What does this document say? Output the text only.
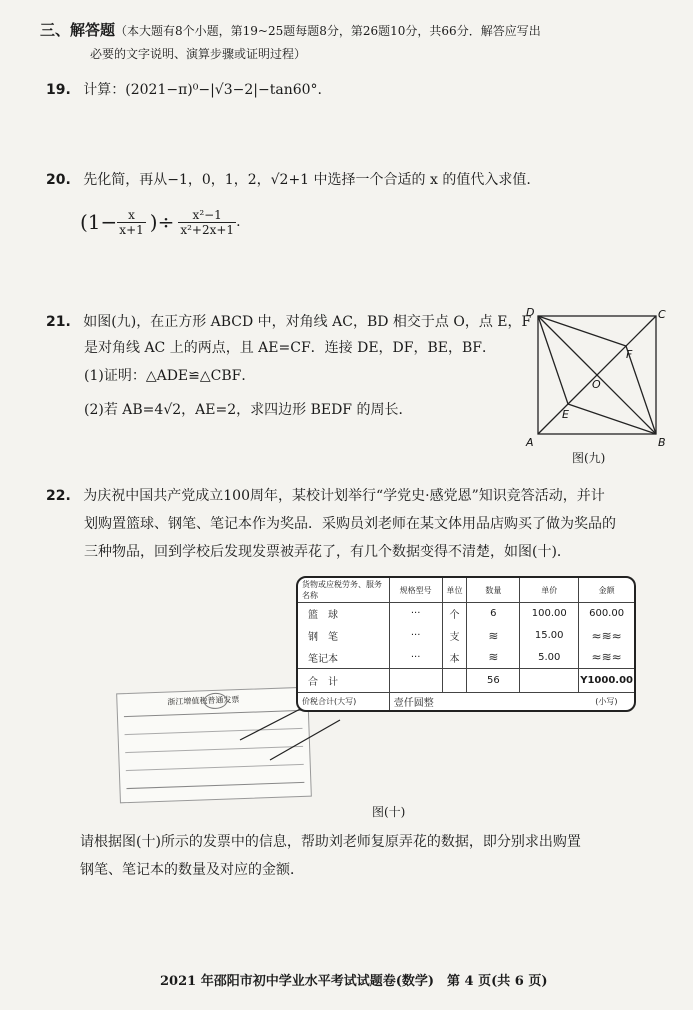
三、解答题（本大题有8个小题，第19~25题每题8分，第26题10分，共66分．解答应写出
必要的文字说明、演算步骤或证明过程）
19. 计算：(2021−π)⁰−|√3−2|−tan60°.
20. 先化简，再从−1，0，1，2，√2+1 中选择一个合适的 x 的值代入求值.
($1- \frac{x}{x+1}$ )÷ $\frac{\text{x²−1}}{\text{x²+2x+1}}$ .
21. 如图(九)，在正方形 ABCD 中，对角线 AC，BD 相交于点 O，点 E，F
是对角线 AC 上的两点，且 AE=CF．连接 DE，DF，BE，BF．
(1)证明：△ADE≌△CBF．
(2)若 AB=4√2，AE=2，求四边形 BEDF 的周长．
D	C
A	B
E
F
O
图(九)
22. 为庆祝中国共产党成立100周年，某校计划举行“学党史·感党恩”知识竞答活动，并计
划购置篮球、钢笔、笔记本作为奖品．采购员刘老师在某文体用品店购买了做为奖品的
三种物品，回到学校后发现发票被弄花了，有几个数据变得不清楚，如图(十)．
浙江增值税普通发票
货物或应税劳务、服务名称	规格型号	单位	数量	单价	金额
篮　球	···	个	6	100.00	600.00
钢　笔	···	支	≋	15.00	≈≋≈
笔记本	···	本	≋	5.00	≈≋≈
合　计			56		Y1000.00
价税合计(大写)	壹仟圆整				(小写)
图(十)
请根据图(十)所示的发票中的信息，帮助刘老师复原弄花的数据，即分别求出购置
钢笔、笔记本的数量及对应的金额．
2021 年邵阳市初中学业水平考试试题卷(数学)　第 4 页(共 6 页)
